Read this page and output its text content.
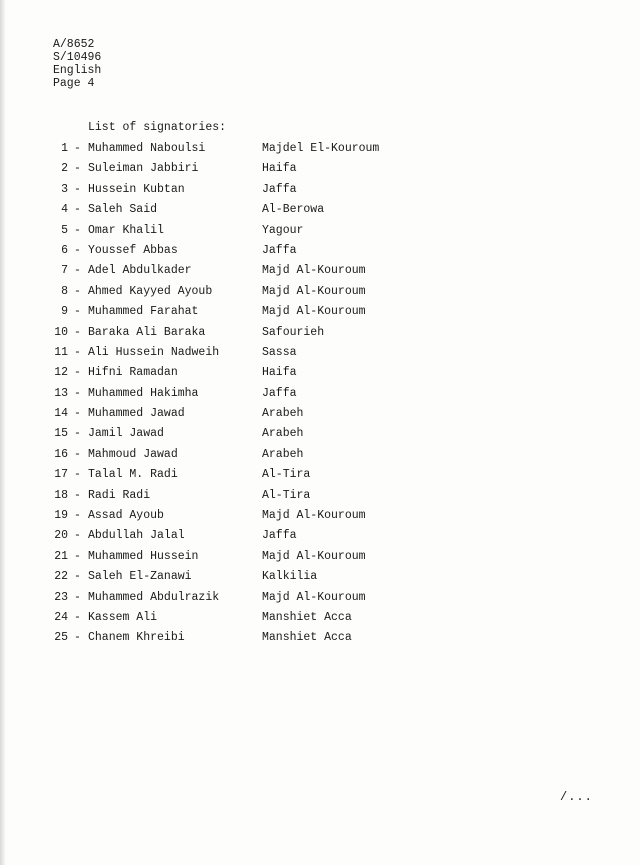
A/8652
S/10496
English
Page 4
List of signatories:
1 - Muhammed Naboulsi	Majdel El-Kouroum
2 - Suleiman Jabbiri	Haifa
3 - Hussein Kubtan	Jaffa
4 - Saleh Said	Al-Berowa
5 - Omar Khalil	Yagour
6 - Youssef Abbas	Jaffa
7 - Adel Abdulkader	Majd Al-Kouroum
8 - Ahmed Kayyed Ayoub	Majd Al-Kouroum
9 - Muhammed Farahat	Majd Al-Kouroum
10 - Baraka Ali Baraka	Safourieh
11 - Ali Hussein Nadweih	Sassa
12 - Hifni Ramadan	Haifa
13 - Muhammed Hakimha	Jaffa
14 - Muhammed Jawad	Arabeh
15 - Jamil Jawad	Arabeh
16 - Mahmoud Jawad	Arabeh
17 - Talal M. Radi	Al-Tira
18 - Radi Radi	Al-Tira
19 - Assad Ayoub	Majd Al-Kouroum
20 - Abdullah Jalal	Jaffa
21 - Muhammed Hussein	Majd Al-Kouroum
22 - Saleh El-Zanawi	Kalkilia
23 - Muhammed Abdulrazik	Majd Al-Kouroum
24 - Kassem Ali	Manshiet Acca
25 - Chanem Khreibi	Manshiet Acca
/...
